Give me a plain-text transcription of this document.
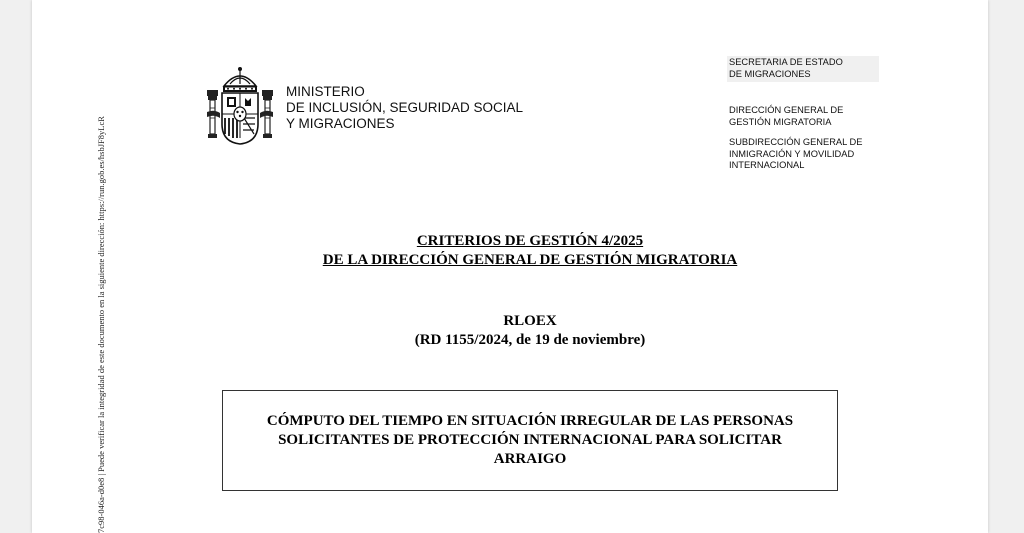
7c98-046a-d0e8 | Puede verificar la integridad de este documento en la siguiente dirección: https://run.gob.es/hsbJF8yLcR
MINISTERIO
DE INCLUSIÓN, SEGURIDAD SOCIAL
Y MIGRACIONES
SECRETARIA DE ESTADO
DE MIGRACIONES
DIRECCIÓN GENERAL DE
GESTIÓN MIGRATORIA
SUBDIRECCIÓN GENERAL DE
INMIGRACIÓN Y MOVILIDAD
INTERNACIONAL
CRITERIOS DE GESTIÓN 4/2025
DE LA DIRECCIÓN GENERAL DE GESTIÓN MIGRATORIA
RLOEX
(RD 1155/2024, de 19 de noviembre)
CÓMPUTO DEL TIEMPO EN SITUACIÓN IRREGULAR DE LAS PERSONAS
SOLICITANTES DE PROTECCIÓN INTERNACIONAL PARA SOLICITAR
ARRAIGO
